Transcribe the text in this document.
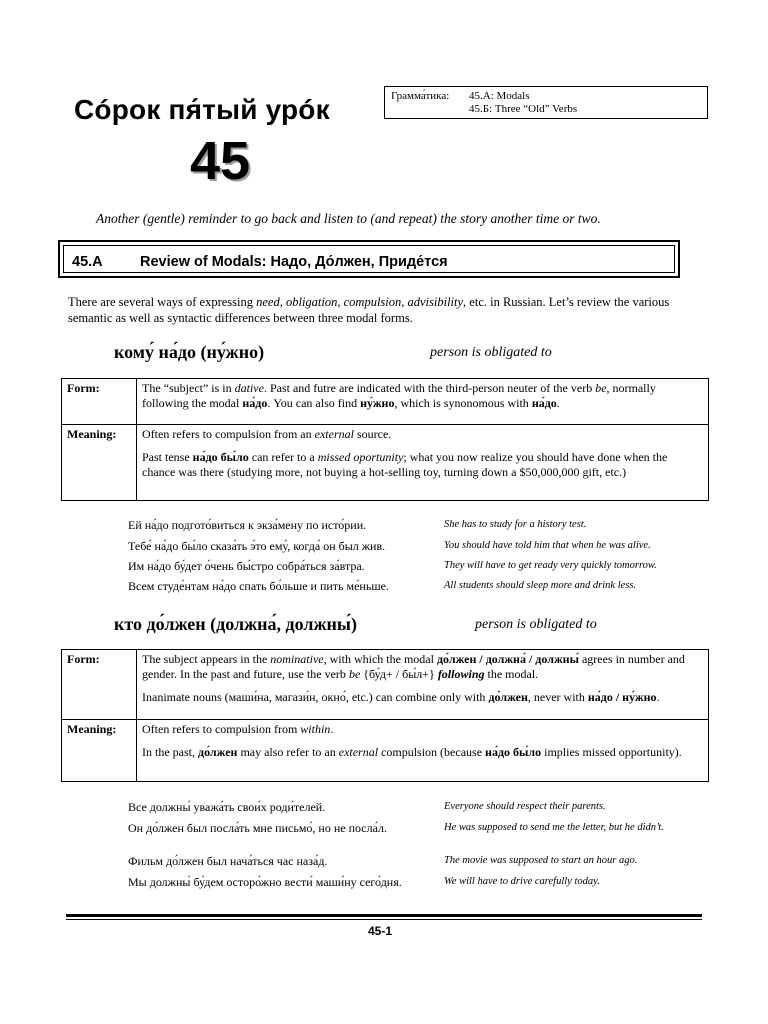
Сóрок пя́тый урóк
45
Грамма́тика: 45.А: Modals
45.Б: Three “Old” Verbs
Another (gentle) reminder to go back and listen to (and repeat) the story another time or two.
45.A	Review of Modals: Надо, До́лжен, Приде́тся
There are several ways of expressing need, obligation, compulsion, advisibility, etc. in Russian. Let’s review the various semantic as well as syntactic differences between three modal forms.
кому́ на́до (ну́жно)	person is obligated to
Form:	The “subject” is in dative. Past and futre are indicated with the third-person neuter of the verb be, normally following the modal на́до. You can also find ну́жно, which is synonomous with на́до.
Meaning:	Often refers to compulsion from an external source.

Past tense на́до бы́ло can refer to a missed oportunity; what you now realize you should have done when the chance was there (studying more, not buying a hot-selling toy, turning down a $50,000,000 gift, etc.)

Ей на́до подгото́виться к экза́мену по исто́рии.	She has to study for a history test.
Тебе́ на́до бы́ло сказа́ть э́то ему́, когда́ он был жив.	You should have told him that when he was alive.
Им на́до бу́дет о́чень бы́стро собра́ться за́втра.	They will have to get ready very quickly tomorrow.
Всем студе́нтам на́до спать бо́льше и пить ме́ньше.	All students should sleep more and drink less.
кто до́лжен (должна́, должны́)	person is obligated to
Form:	The subject appears in the nominative, with which the modal до́лжен / должна́ / должны́ agrees in number and gender. In the past and future, use the verb be {бу́д+ / бы́л+} following the modal.

Inanimate nouns (маши́на, магази́н, окно́, etc.) can combine only with до́лжен, never with на́до / ну́жно.

Meaning:	Often refers to compulsion from within.

In the past, до́лжен may also refer to an external compulsion (because на́до бы́ло implies missed opportunity).

Все должны́ уважа́ть свои́х роди́телей.	Everyone should respect their parents.
Он до́лжен был посла́ть мне письмо́, но не посла́л.	He was supposed to send me the letter, but he didn’t.
Фильм до́лжен был нача́ться час наза́д.	The movie was supposed to start an hour ago.
Мы должны́ бу́дем осторо́жно вести́ маши́ну сего́дня.	We will have to drive carefully today.
45-1
